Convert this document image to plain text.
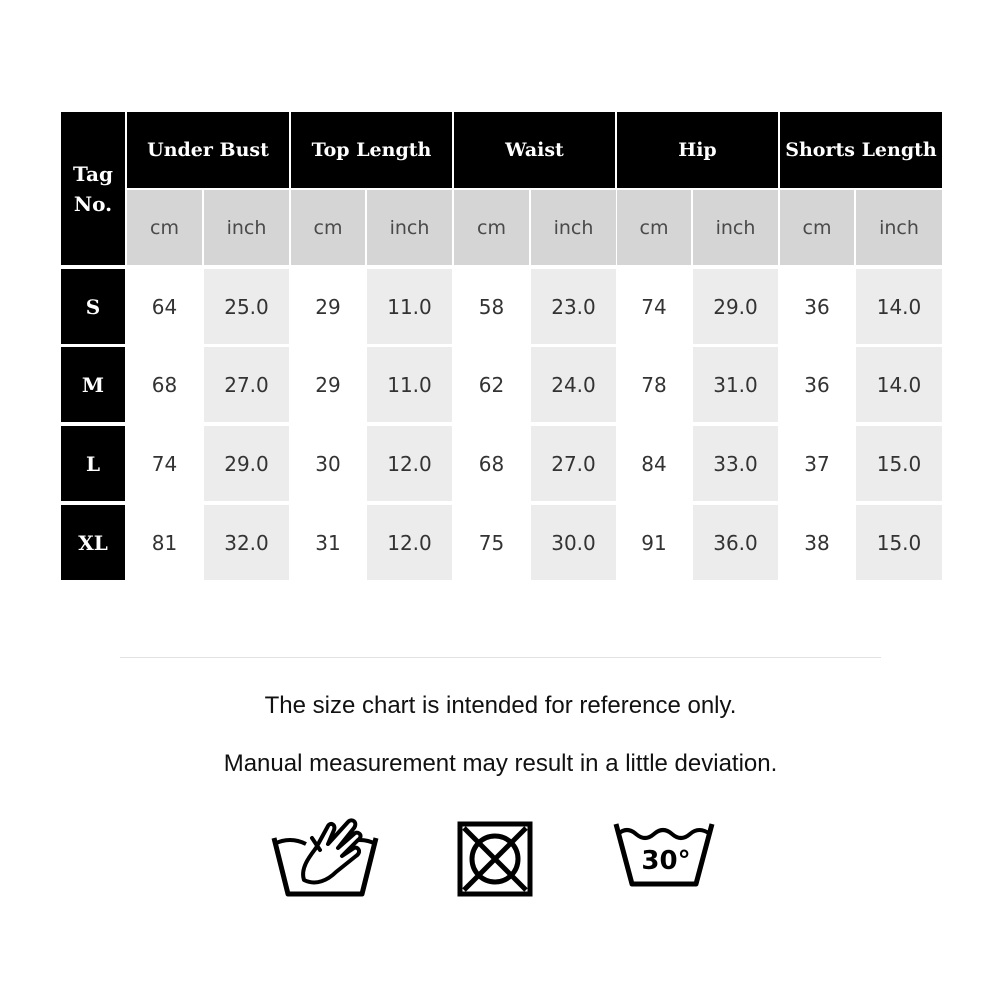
Tag
No.
Under Bust	Top Length	Waist	Hip	Shorts Length
cm	inch	cm	inch	cm	inch	cm	inch	cm	inch
S	64	25.0	29	11.0	58	23.0	74	29.0	36	14.0
M	68	27.0	29	11.0	62	24.0	78	31.0	36	14.0
L	74	29.0	30	12.0	68	27.0	84	33.0	37	15.0
XL	81	32.0	31	12.0	75	30.0	91	36.0	38	15.0
The size chart is intended for reference only.
Manual measurement may result in a little deviation.
30°
